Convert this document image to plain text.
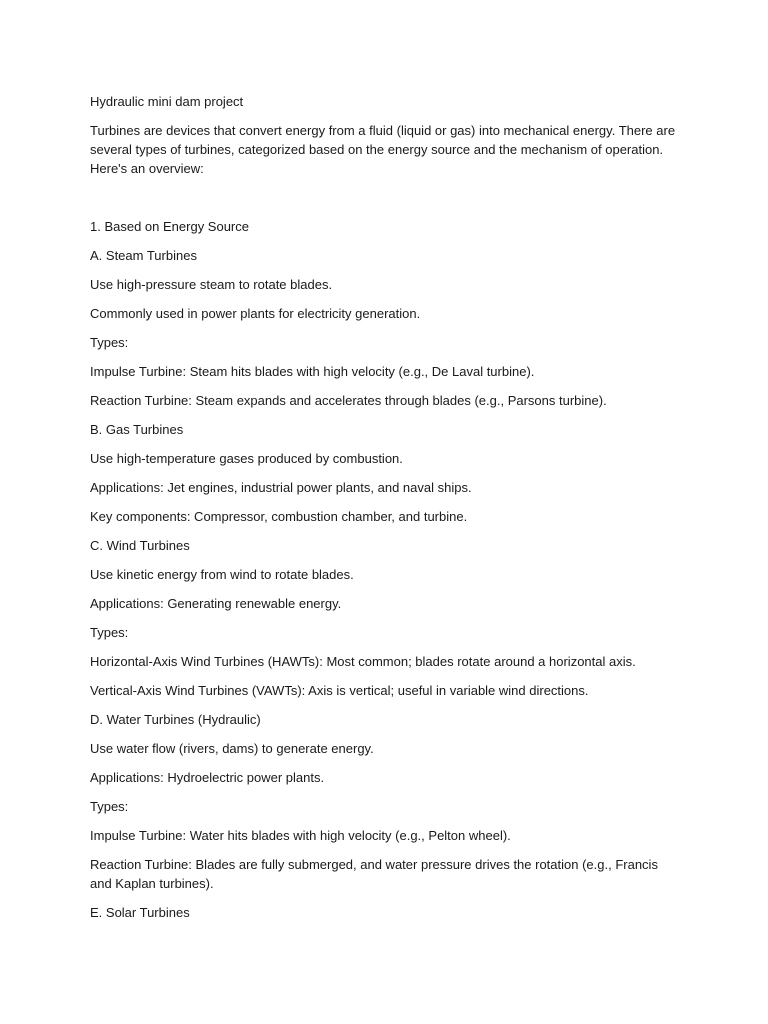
Hydraulic mini dam project

Turbines are devices that convert energy from a fluid (liquid or gas) into mechanical energy. There are several types of turbines, categorized based on the energy source and the mechanism of operation. Here's an overview:

1. Based on Energy Source

A. Steam Turbines

Use high-pressure steam to rotate blades.

Commonly used in power plants for electricity generation.

Types:

Impulse Turbine: Steam hits blades with high velocity (e.g., De Laval turbine).

Reaction Turbine: Steam expands and accelerates through blades (e.g., Parsons turbine).

B. Gas Turbines

Use high-temperature gases produced by combustion.

Applications: Jet engines, industrial power plants, and naval ships.

Key components: Compressor, combustion chamber, and turbine.

C. Wind Turbines

Use kinetic energy from wind to rotate blades.

Applications: Generating renewable energy.

Types:

Horizontal-Axis Wind Turbines (HAWTs): Most common; blades rotate around a horizontal axis.

Vertical-Axis Wind Turbines (VAWTs): Axis is vertical; useful in variable wind directions.

D. Water Turbines (Hydraulic)

Use water flow (rivers, dams) to generate energy.

Applications: Hydroelectric power plants.

Types:

Impulse Turbine: Water hits blades with high velocity (e.g., Pelton wheel).

Reaction Turbine: Blades are fully submerged, and water pressure drives the rotation (e.g., Francis and Kaplan turbines).

E. Solar Turbines
